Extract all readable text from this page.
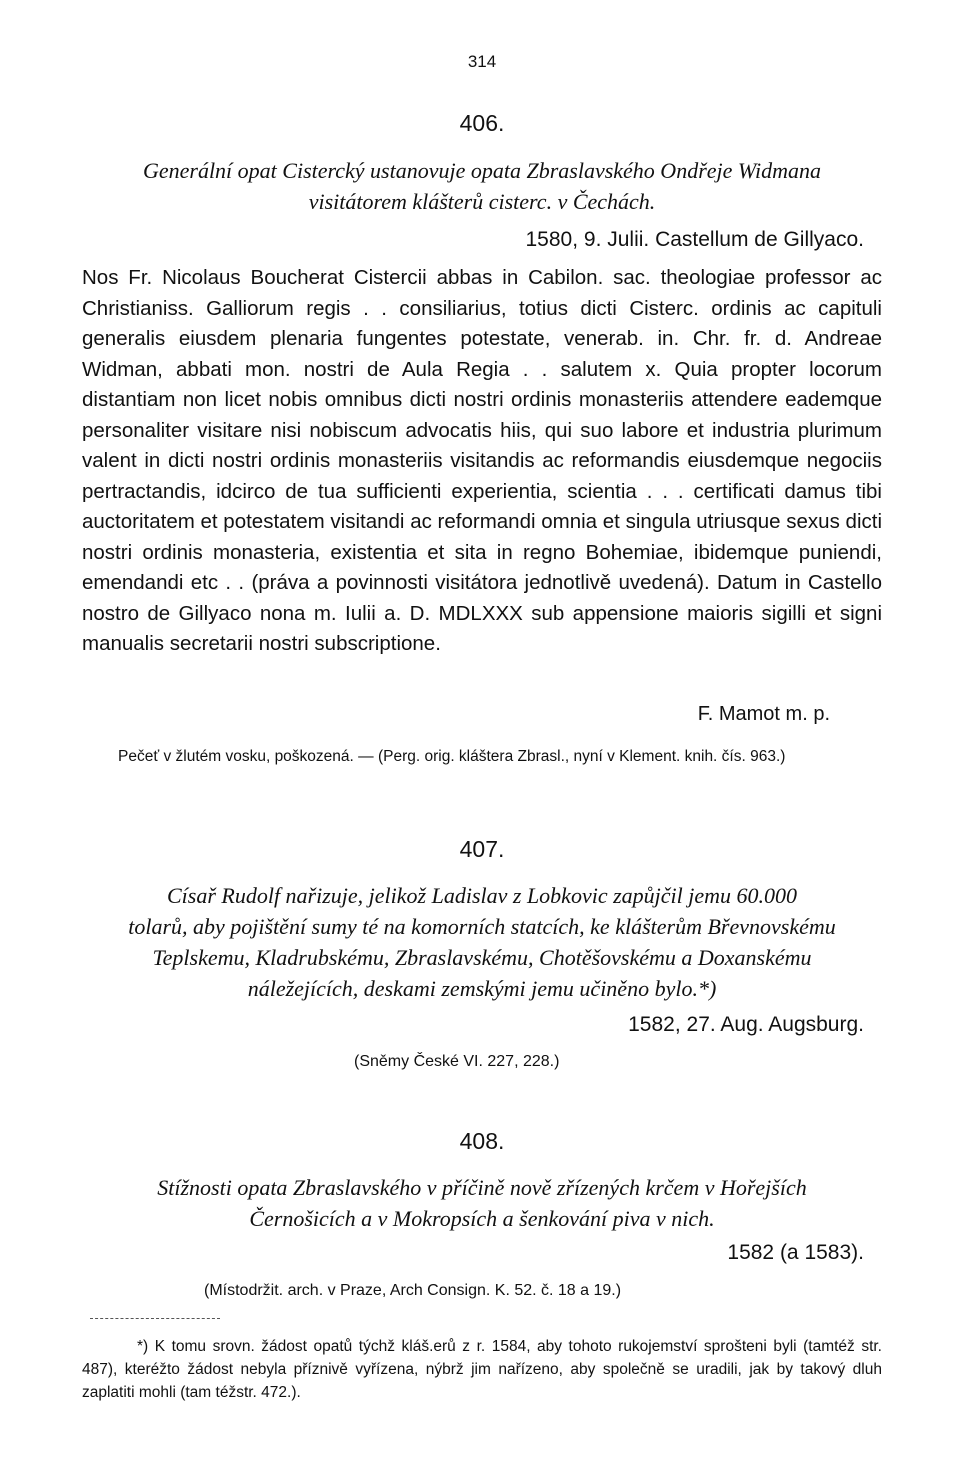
314
406.
Generální opat Cistercký ustanovuje opata Zbraslavského Ondřeje Widmana
visitátorem klášterů cisterc. v Čechách.
1580, 9. Julii. Castellum de Gillyaco.

Nos Fr. Nicolaus Boucherat Cistercii abbas in Cabilon. sac. theologiae professor ac Christianiss. Galliorum regis . . consiliarius, totius dicti Cisterc. ordinis ac capituli generalis eiusdem plenaria fungentes potestate, venerab. in. Chr. fr. d. Andreae Widman, abbati mon. nostri de Aula Regia . . salutem x. Quia propter locorum distantiam non licet nobis omnibus dicti nostri ordinis monasteriis attendere eademque personaliter visitare nisi nobiscum advocatis hiis, qui suo labore et industria plurimum valent in dicti nostri ordinis monasteriis visitandis ac reformandis eiusdemque negociis pertractandis, idcirco de tua sufficienti experientia, scientia . . . certificati damus tibi auctoritatem et potestatem visitandi ac reformandi omnia et singula utriusque sexus dicti nostri ordinis monasteria, existentia et sita in regno Bohemiae, ibidemque puniendi, emendandi etc . . (práva a povinnosti visitátora jednotlivě uvedená). Datum in Castello nostro de Gillyaco nona m. Iulii a. D. MDLXXX sub appensione maioris sigilli et signi manualis secretarii nostri subscriptione.

F. Mamot m. p.
Pečeť v žlutém vosku, poškozená. — (Perg. orig. kláštera Zbrasl., nyní v Klement. knih. čís. 963.)
407.
Císař Rudolf nařizuje, jelikož Ladislav z Lobkovic zapůjčil jemu 60.000
tolarů, aby pojištění sumy té na komorních statcích, ke klášterům Břevnovskému
Teplskemu, Kladrubskému, Zbraslavskému, Chotěšovskému a Doxanskému
náležejících, deskami zemskými jemu učiněno bylo.*)
1582, 27. Aug. Augsburg.
(Sněmy České VI. 227, 228.)
408.
Stížnosti opata Zbraslavského v příčině nově zřízených krčem v Hořejších
Černošicích a v Mokropsích a šenkování piva v nich.
1582 (a 1583).
(Místodržit. arch. v Praze, Arch Consign. K. 52. č. 18 a 19.)
*) K tomu srovn. žádost opatů týchž kláš.erů z r. 1584, aby tohoto rukojemství sprošteni byli (tamtéž str. 487), kteréžto žádost nebyla příznivě vyřízena, nýbrž jim nařízeno, aby společně se uradili, jak by takový dluh zaplatiti mohli (tam téžstr. 472.).
